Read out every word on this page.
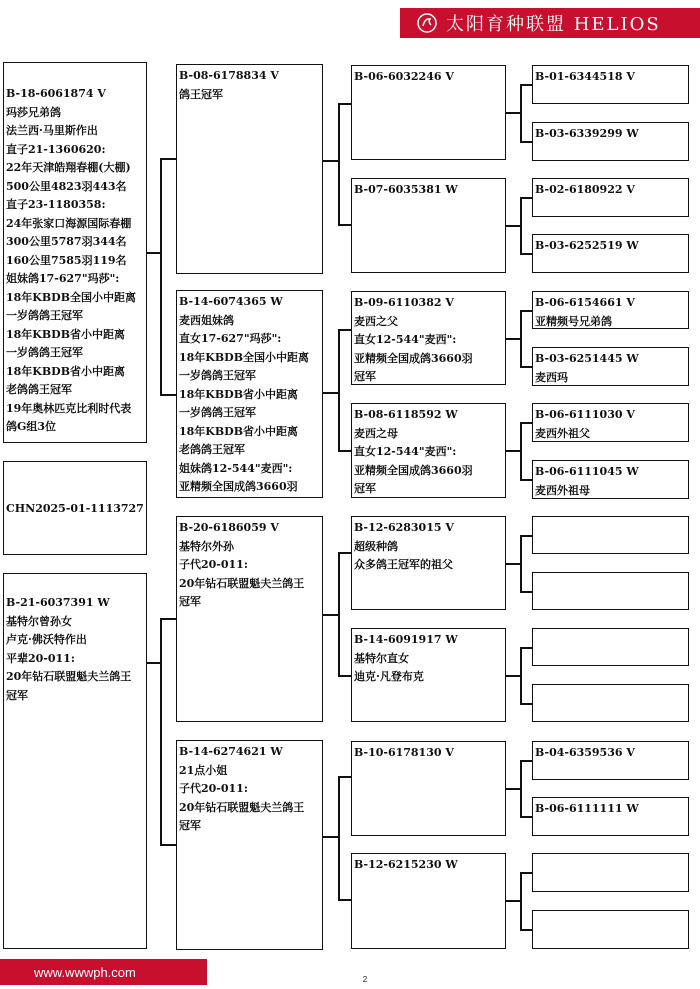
太阳育种联盟 HELIOS
B-18-6061874 V
玛莎兄弟鸽
法兰西·马里斯作出
直子21-1360620:
22年天津皓翔春棚(大棚)
500公里4823羽443名
直子23-1180358:
24年张家口海源国际春棚
300公里5787羽344名
160公里7585羽119名
姐妹鸽17-627"玛莎":
18年KBDB全国小中距离
一岁鸽鸽王冠军
18年KBDB省小中距离
一岁鸽鸽王冠军
18年KBDB省小中距离
老鸽鸽王冠军
19年奥林匹克比利时代表
鸽G组3位
CHN2025-01-1113727
B-21-6037391 W
基特尔曾孙女
卢克·佛沃特作出
平辈20-011:
20年钻石联盟魁夫兰鸽王
冠军
B-08-6178834 V
鸽王冠军
B-14-6074365 W
麦西姐妹鸽
直女17-627"玛莎":
18年KBDB全国小中距离
一岁鸽鸽王冠军
18年KBDB省小中距离
一岁鸽鸽王冠军
18年KBDB省小中距离
老鸽鸽王冠军
姐妹鸽12-544"麦西":
亚精频全国成鸽3660羽
B-20-6186059 V
基特尔外孙
子代20-011:
20年钻石联盟魁夫兰鸽王
冠军
B-14-6274621 W
21点小姐
子代20-011:
20年钻石联盟魁夫兰鸽王
冠军
B-06-6032246 V
B-07-6035381 W
B-09-6110382 V
麦西之父
直女12-544"麦西":
亚精频全国成鸽3660羽
冠军
B-08-6118592 W
麦西之母
直女12-544"麦西":
亚精频全国成鸽3660羽
冠军
B-12-6283015 V
超级种鸽
众多鸽王冠军的祖父
B-14-6091917 W
基特尔直女
迪克·凡登布克
B-10-6178130 V
B-12-6215230 W
B-01-6344518 V
B-03-6339299 W
B-02-6180922 V
B-03-6252519 W
B-06-6154661 V
亚精频号兄弟鸽
B-03-6251445 W
麦西玛
B-06-6111030 V
麦西外祖父
B-06-6111045 W
麦西外祖母
B-04-6359536 V
B-06-6111111 W
www.wwwph.com	2
